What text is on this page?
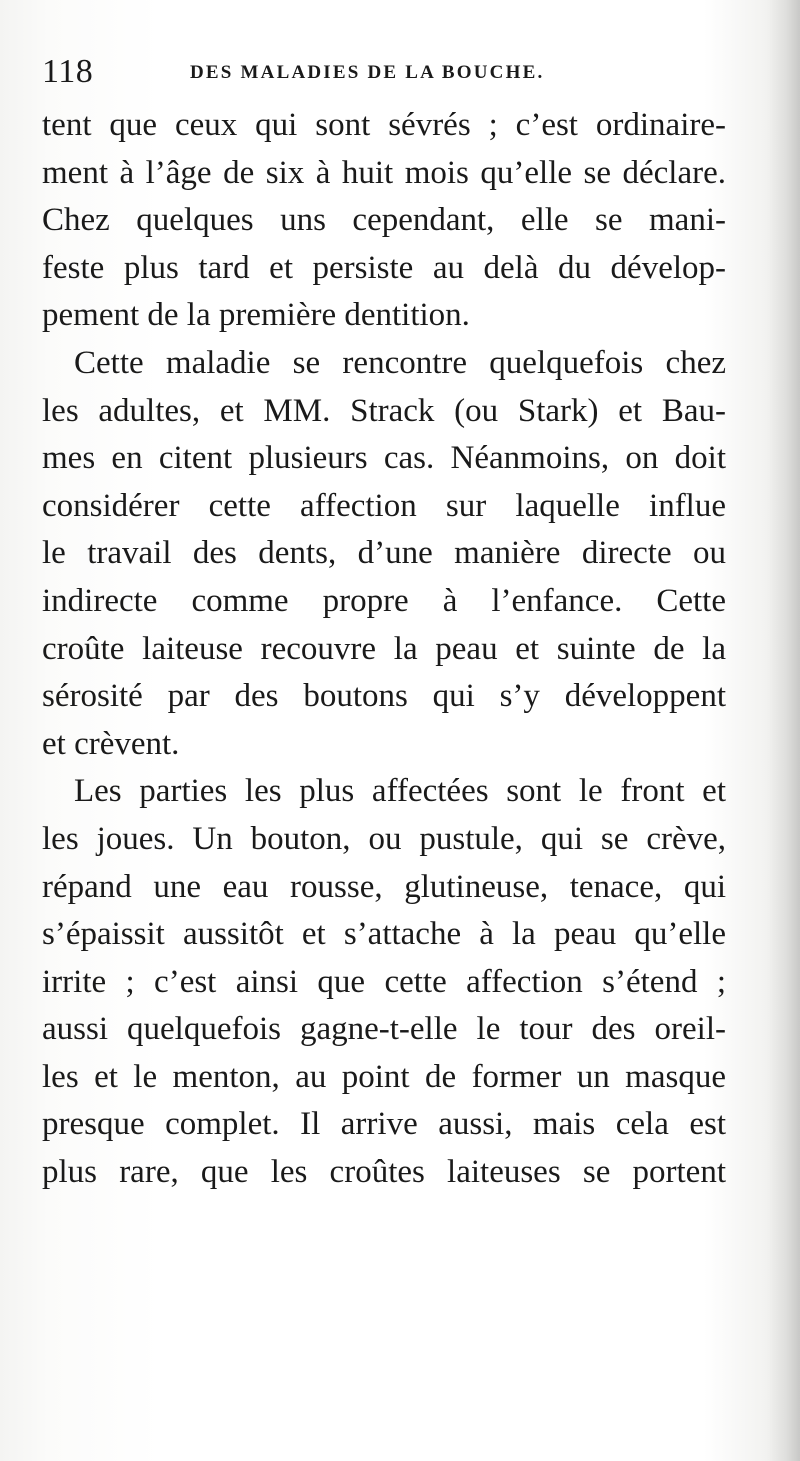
118	DES MALADIES DE LA BOUCHE.
tent que ceux qui sont sévrés ; c’est ordinaire-
ment à l’âge de six à huit mois qu’elle se déclare.
Chez quelques uns cependant, elle se mani-
feste plus tard et persiste au delà du dévelop-
pement de la première dentition.
Cette maladie se rencontre quelquefois chez
les adultes, et MM. Strack (ou Stark) et Bau-
mes en citent plusieurs cas. Néanmoins, on doit
considérer cette affection sur laquelle influe
le travail des dents, d’une manière directe ou
indirecte comme propre à l’enfance. Cette
croûte laiteuse recouvre la peau et suinte de la
sérosité par des boutons qui s’y développent
et crèvent.
Les parties les plus affectées sont le front et
les joues. Un bouton, ou pustule, qui se crève,
répand une eau rousse, glutineuse, tenace, qui
s’épaissit aussitôt et s’attache à la peau qu’elle
irrite ; c’est ainsi que cette affection s’étend ;
aussi quelquefois gagne-t-elle le tour des oreil-
les et le menton, au point de former un masque
presque complet. Il arrive aussi, mais cela est
plus rare, que les croûtes laiteuses se portent
